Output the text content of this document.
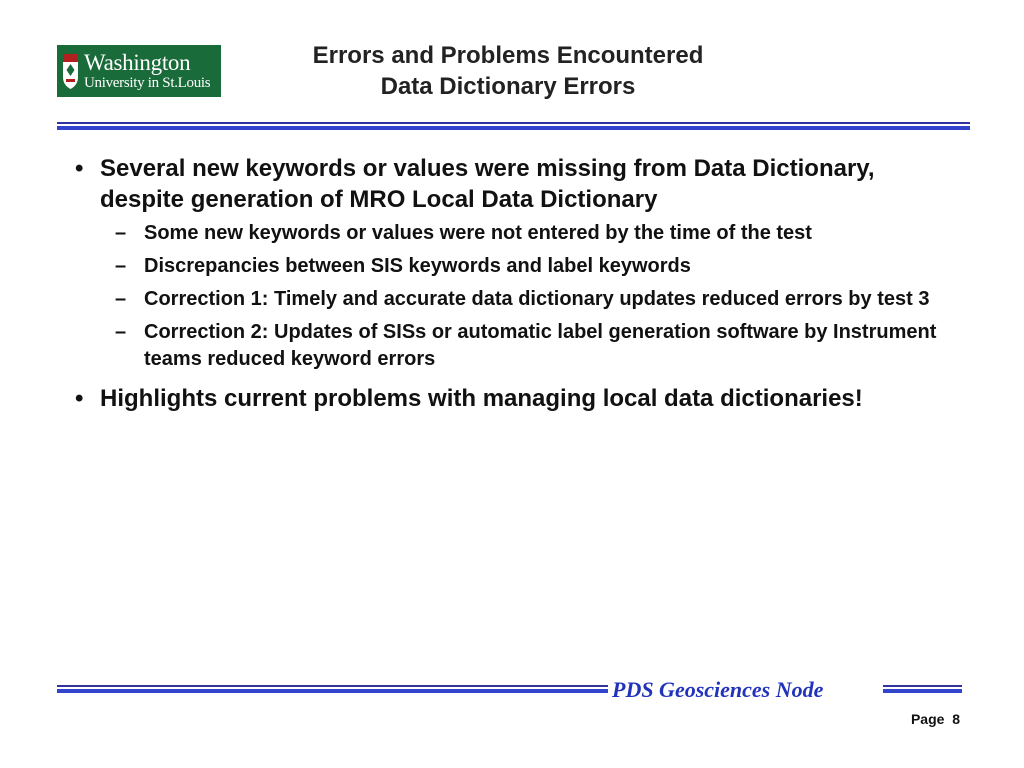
Washington
University in St.Louis
Errors and Problems Encountered
Data Dictionary Errors
• Several new keywords or values were missing from Data Dictionary, despite generation of MRO Local Data Dictionary
– Some new keywords or values were not entered by the time of the test
– Discrepancies between SIS keywords and label keywords
– Correction 1: Timely and accurate data dictionary updates reduced errors by test 3
– Correction 2: Updates of SISs or automatic label generation software by Instrument teams reduced keyword errors
• Highlights current problems with managing local data dictionaries!
PDS Geosciences Node
Page 8
